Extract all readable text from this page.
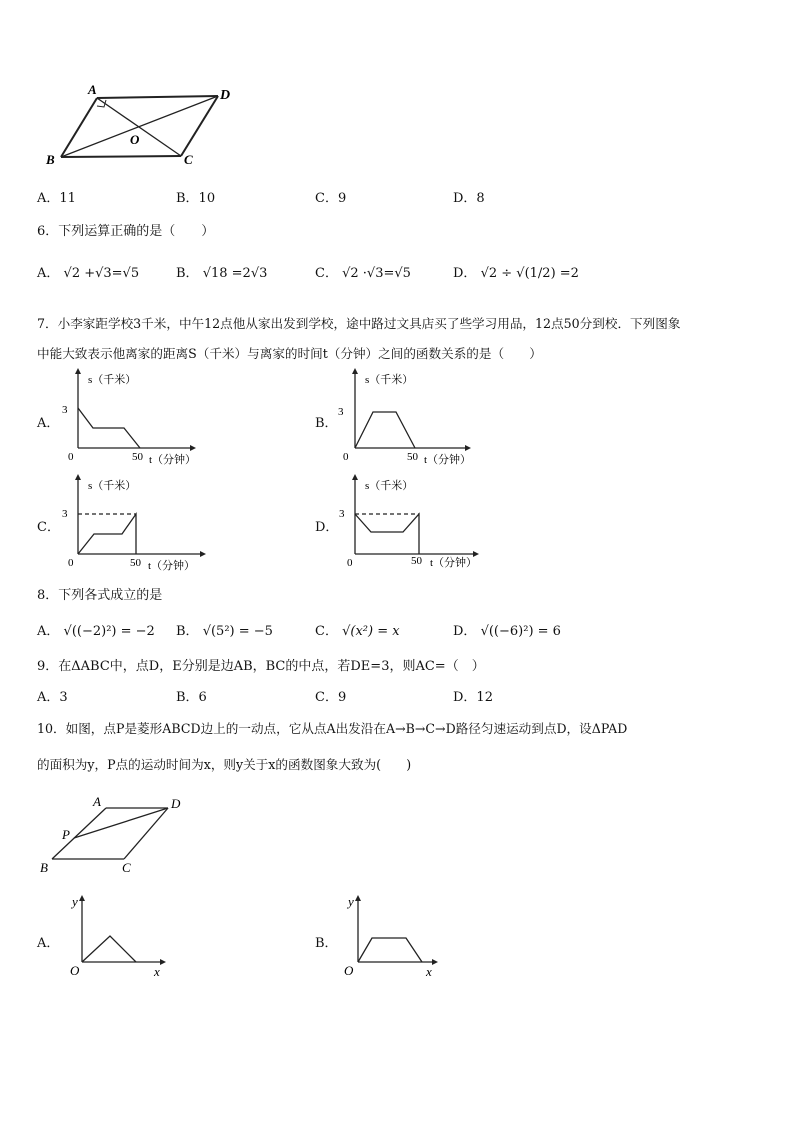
A	D
B	C
O
A．11	B．10	C．9	D．8
6．下列运算正确的是（　　）
A． √2 +√3=√5	B． √18 =2√3	C． √2 ·√3=√5	D． √2 ÷ √(1/2) =2
7．小李家距学校3千米，中午12点他从家出发到学校，途中路过文具店买了些学习用品，12点50分到校．下列图象
中能大致表示他离家的距离S（千米）与离家的时间t（分钟）之间的函数关系的是（　　）
A．
s（千米）
3
0	50 t（分钟）
B．
s（千米）
3
0	50 t（分钟）
C．
s（千米）
3
0	50 t（分钟）
D．
s（千米）
3
0	50 t（分钟）
8．下列各式成立的是
A． √((−2)²) = −2 B． √(5²) = −5	C． √(x²) = x	D． √((−6)²) = 6
9．在ΔABC中，点D，E分别是边AB，BC的中点，若DE=3，则AC=（　）
A．3	B．6	C．9	D．12
10．如图，点P是菱形ABCD边上的一动点，它从点A出发沿在A→B→C→D路径匀速运动到点D，设ΔPAD
的面积为y，P点的运动时间为x，则y关于x的函数图象大致为(　　)
A	D
P
B	C
A．
y
O	x
B．
y
O	x
